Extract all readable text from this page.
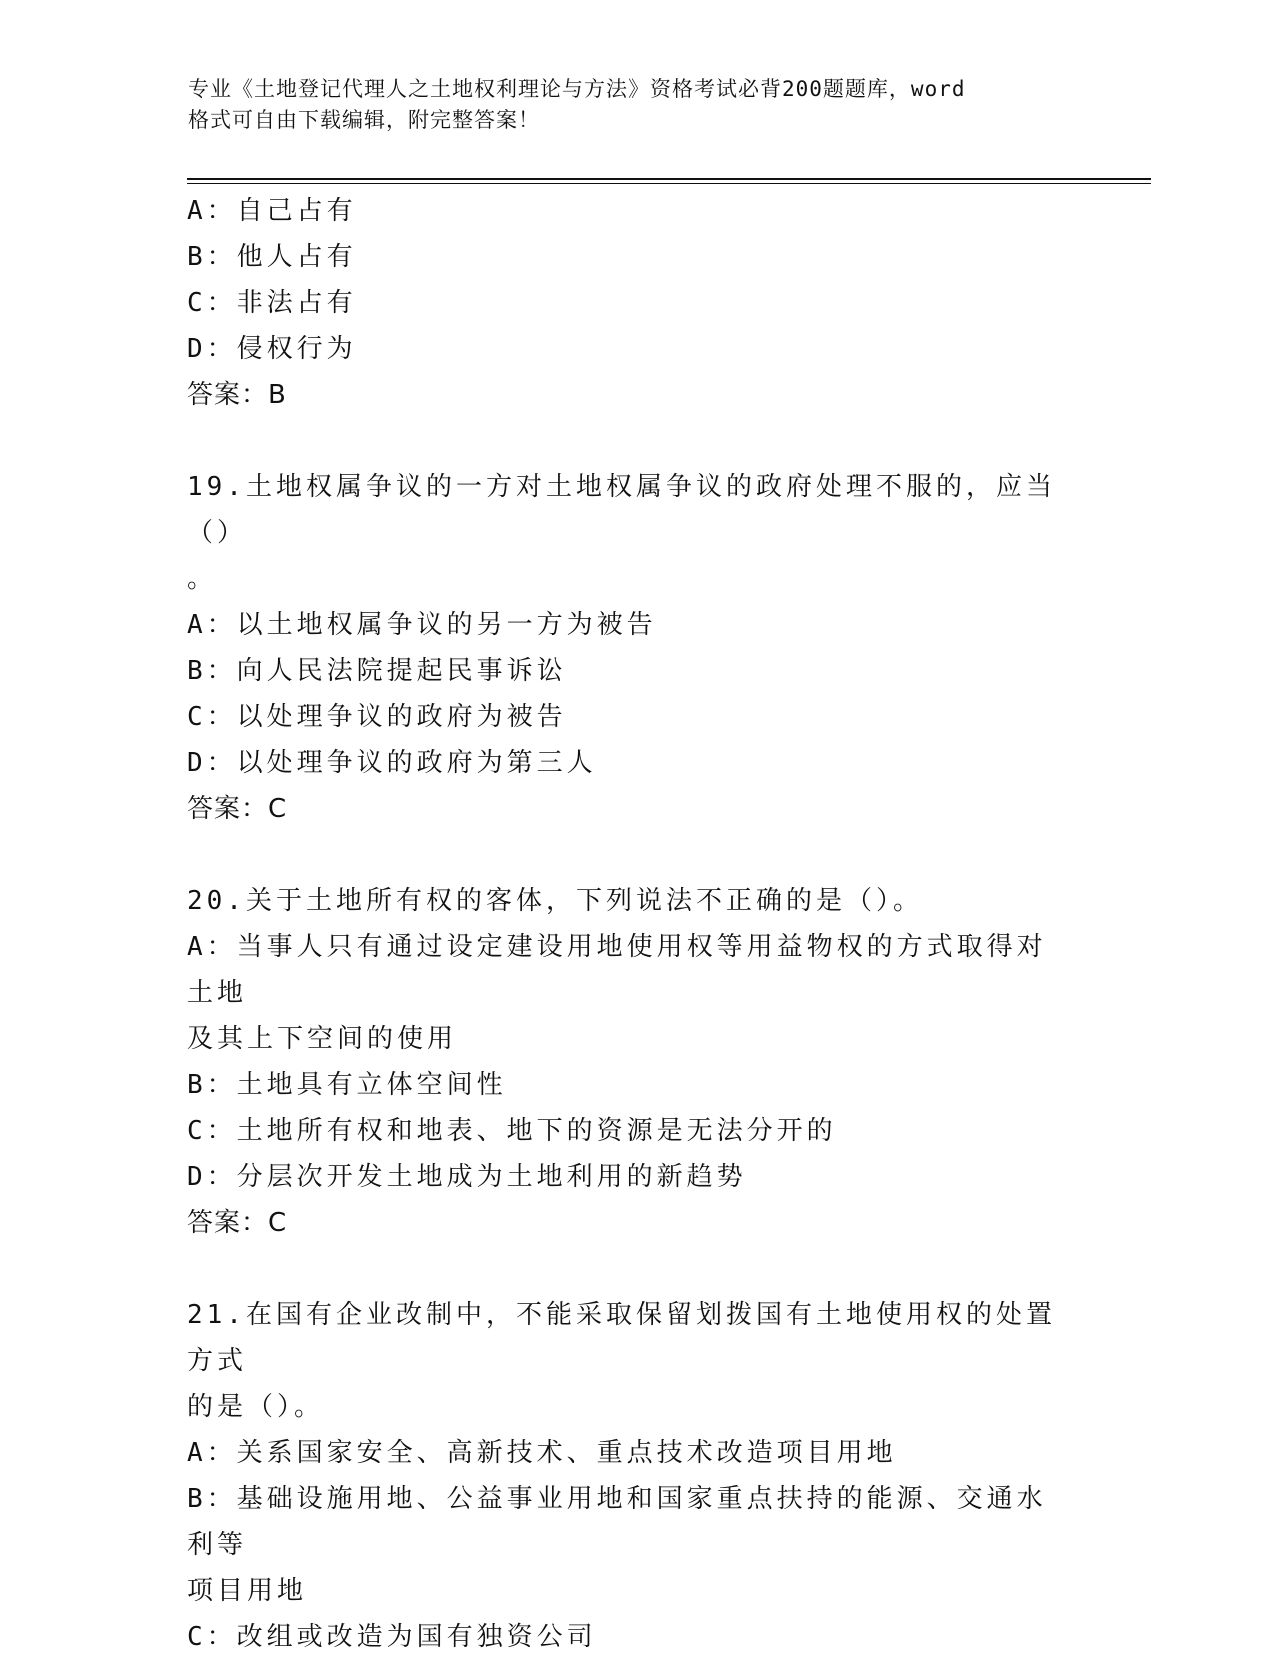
专业《土地登记代理人之土地权利理论与方法》资格考试必背200题题库，word

格式可自由下载编辑，附完整答案！

A：自己占有

B：他人占有

C：非法占有

D：侵权行为

答案：B

19.土地权属争议的一方对土地权属争议的政府处理不服的，应当（）

。

A：以土地权属争议的另一方为被告

B：向人民法院提起民事诉讼

C：以处理争议的政府为被告

D：以处理争议的政府为第三人

答案：C

20.关于土地所有权的客体，下列说法不正确的是（）。

A：当事人只有通过设定建设用地使用权等用益物权的方式取得对土地

及其上下空间的使用

B：土地具有立体空间性

C：土地所有权和地表、地下的资源是无法分开的

D：分层次开发土地成为土地利用的新趋势

答案：C

21.在国有企业改制中，不能采取保留划拨国有土地使用权的处置方式

的是（）。

A：关系国家安全、高新技术、重点技术改造项目用地

B：基础设施用地、公益事业用地和国家重点扶持的能源、交通水利等

项目用地

C：改组或改造为国有独资公司
